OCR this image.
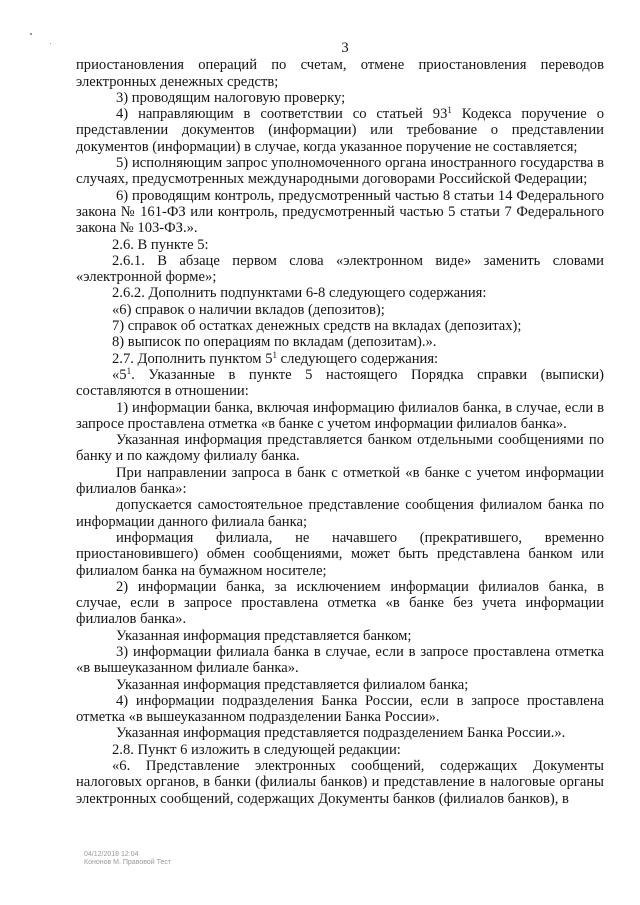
3

приостановления операций по счетам, отмене приостановления переводов электронных денежных средств;

3) проводящим налоговую проверку;

4) направляющим в соответствии со статьей $93^1$ Кодекса поручение о представлении документов (информации) или требование о представлении документов (информации) в случае, когда указанное поручение не составляется;

5) исполняющим запрос уполномоченного органа иностранного государства в случаях, предусмотренных международными договорами Российской Федерации;

6) проводящим контроль, предусмотренный частью 8 статьи 14 Федерального закона № 161-ФЗ или контроль, предусмотренный частью 5 статьи 7 Федерального закона № 103-ФЗ.».

2.6. В пункте 5:

2.6.1. В абзаце первом слова «электронном виде» заменить словами «электронной форме»;

2.6.2. Дополнить подпунктами 6-8 следующего содержания:

«6) справок о наличии вкладов (депозитов);

7) справок об остатках денежных средств на вкладах (депозитах);

8) выписок по операциям по вкладам (депозитам).».

2.7. Дополнить пунктом $5^1$ следующего содержания:

«$5^1$. Указанные в пункте 5 настоящего Порядка справки (выписки) составляются в отношении:

1) информации банка, включая информацию филиалов банка, в случае, если в запросе проставлена отметка «в банке с учетом информации филиалов банка».

Указанная информация представляется банком отдельными сообщениями по банку и по каждому филиалу банка.

При направлении запроса в банк с отметкой «в банке с учетом информации филиалов банка»:

допускается самостоятельное представление сообщения филиалом банка по информации данного филиала банка;

информация филиала, не начавшего (прекратившего, временно приостановившего) обмен сообщениями, может быть представлена банком или филиалом банка на бумажном носителе;

2) информации банка, за исключением информации филиалов банка, в случае, если в запросе проставлена отметка «в банке без учета информации филиалов банка».

Указанная информация представляется банком;

3) информации филиала банка в случае, если в запросе проставлена отметка «в вышеуказанном филиале банка».

Указанная информация представляется филиалом банка;

4) информации подразделения Банка России, если в запросе проставлена отметка «в вышеуказанном подразделении Банка России».

Указанная информация представляется подразделением Банка России.».

2.8. Пункт 6 изложить в следующей редакции:

«6. Представление электронных сообщений, содержащих Документы налоговых органов, в банки (филиалы банков) и представление в налоговые органы электронных сообщений, содержащих Документы банков (филиалов банков), в

04/12/2018 12:04
Кононов М. Правовой Тест
